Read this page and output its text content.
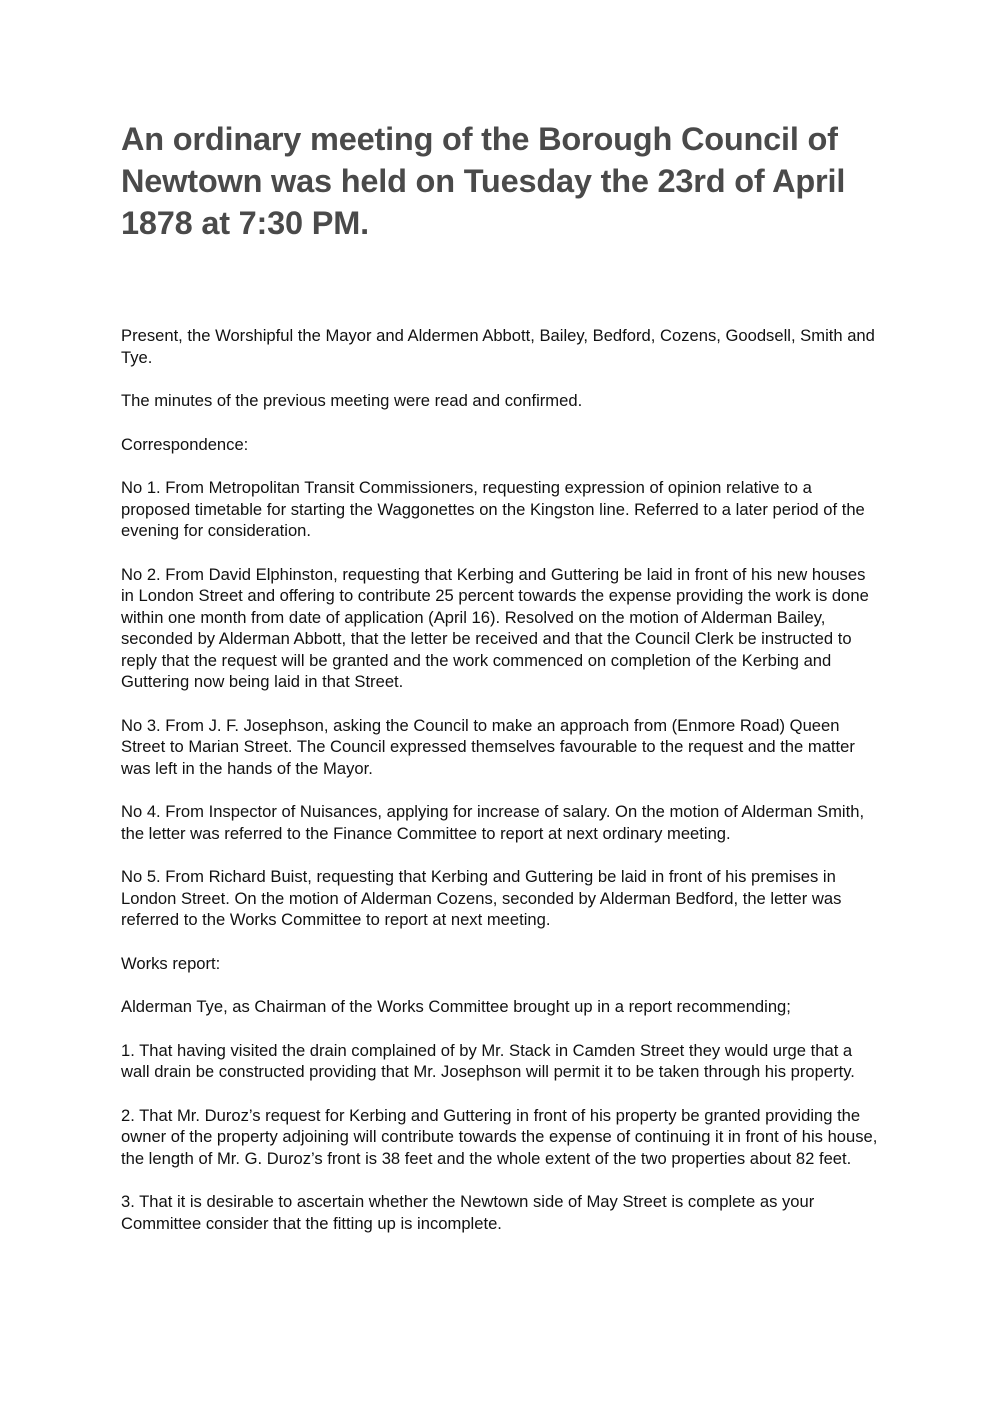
An ordinary meeting of the Borough Council of Newtown was held on Tuesday the 23rd of April 1878 at 7:30 PM.

Present, the Worshipful the Mayor and Aldermen Abbott, Bailey, Bedford, Cozens, Goodsell, Smith and Tye.

The minutes of the previous meeting were read and confirmed.

Correspondence:

No 1. From Metropolitan Transit Commissioners, requesting expression of opinion relative to a proposed timetable for starting the Waggonettes on the Kingston line. Referred to a later period of the evening for consideration.

No 2. From David Elphinston, requesting that Kerbing and Guttering be laid in front of his new houses in London Street and offering to contribute 25 percent towards the expense providing the work is done within one month from date of application (April 16). Resolved on the motion of Alderman Bailey, seconded by Alderman Abbott, that the letter be received and that the Council Clerk be instructed to reply that the request will be granted and the work commenced on completion of the Kerbing and Guttering now being laid in that Street.

No 3. From J. F. Josephson, asking the Council to make an approach from (Enmore Road) Queen Street to Marian Street. The Council expressed themselves favourable to the request and the matter was left in the hands of the Mayor.

No 4. From Inspector of Nuisances, applying for increase of salary. On the motion of Alderman Smith, the letter was referred to the Finance Committee to report at next ordinary meeting.

No 5. From Richard Buist, requesting that Kerbing and Guttering be laid in front of his premises in London Street. On the motion of Alderman Cozens, seconded by Alderman Bedford, the letter was referred to the Works Committee to report at next meeting.

Works report:

Alderman Tye, as Chairman of the Works Committee brought up in a report recommending;

1. That having visited the drain complained of by Mr. Stack in Camden Street they would urge that a wall drain be constructed providing that Mr. Josephson will permit it to be taken through his property.

2. That Mr. Duroz’s request for Kerbing and Guttering in front of his property be granted providing the owner of the property adjoining will contribute towards the expense of continuing it in front of his house, the length of Mr. G. Duroz’s front is 38 feet and the whole extent of the two properties about 82 feet.

3. That it is desirable to ascertain whether the Newtown side of May Street is complete as your Committee consider that the fitting up is incomplete.
